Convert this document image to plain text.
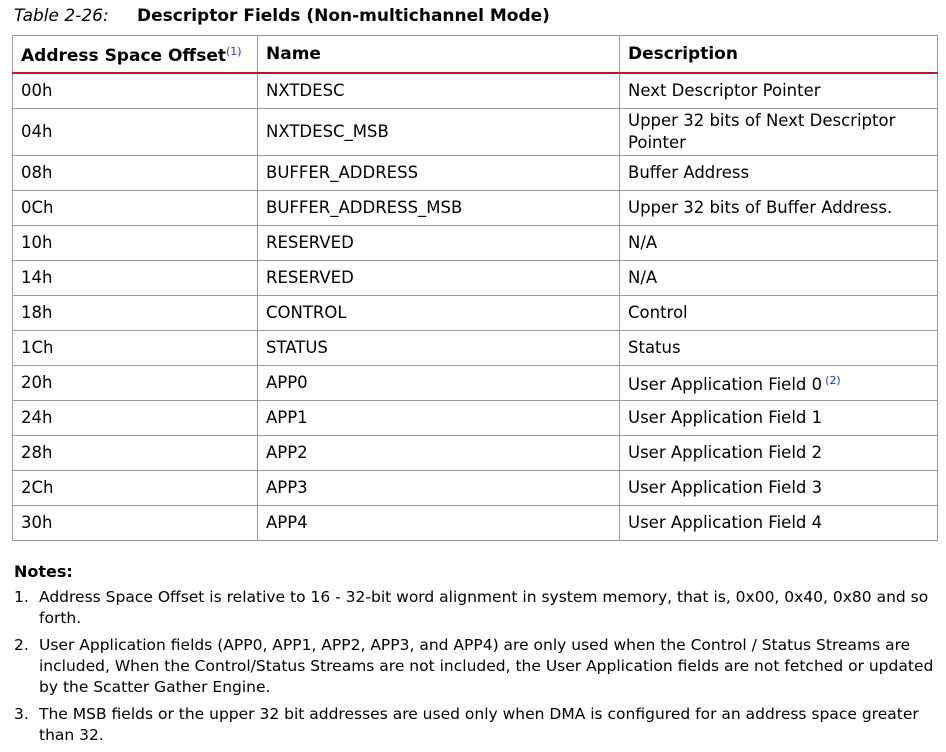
Table 2-26:	Descriptor Fields (Non-multichannel Mode)
Address Space Offset$^{(1)}$	Name	Description
00h	NXTDESC	Next Descriptor Pointer
04h	NXTDESC_MSB	Upper 32 bits of Next Descriptor Pointer
08h	BUFFER_ADDRESS	Buffer Address
0Ch	BUFFER_ADDRESS_MSB	Upper 32 bits of Buffer Address.
10h	RESERVED	N/A
14h	RESERVED	N/A
18h	CONTROL	Control
1Ch	STATUS	Status
20h	APP0	User Application Field 0 $^{(2)}$
24h	APP1	User Application Field 1
28h	APP2	User Application Field 2
2Ch	APP3	User Application Field 3
30h	APP4	User Application Field 4
Notes:
1. Address Space Offset is relative to 16 - 32-bit word alignment in system memory, that is, 0x00, 0x40, 0x80 and so forth.
2. User Application fields (APP0, APP1, APP2, APP3, and APP4) are only used when the Control / Status Streams are included, When the Control/Status Streams are not included, the User Application fields are not fetched or updated by the Scatter Gather Engine.
3. The MSB fields or the upper 32 bit addresses are used only when DMA is configured for an address space greater than 32.
